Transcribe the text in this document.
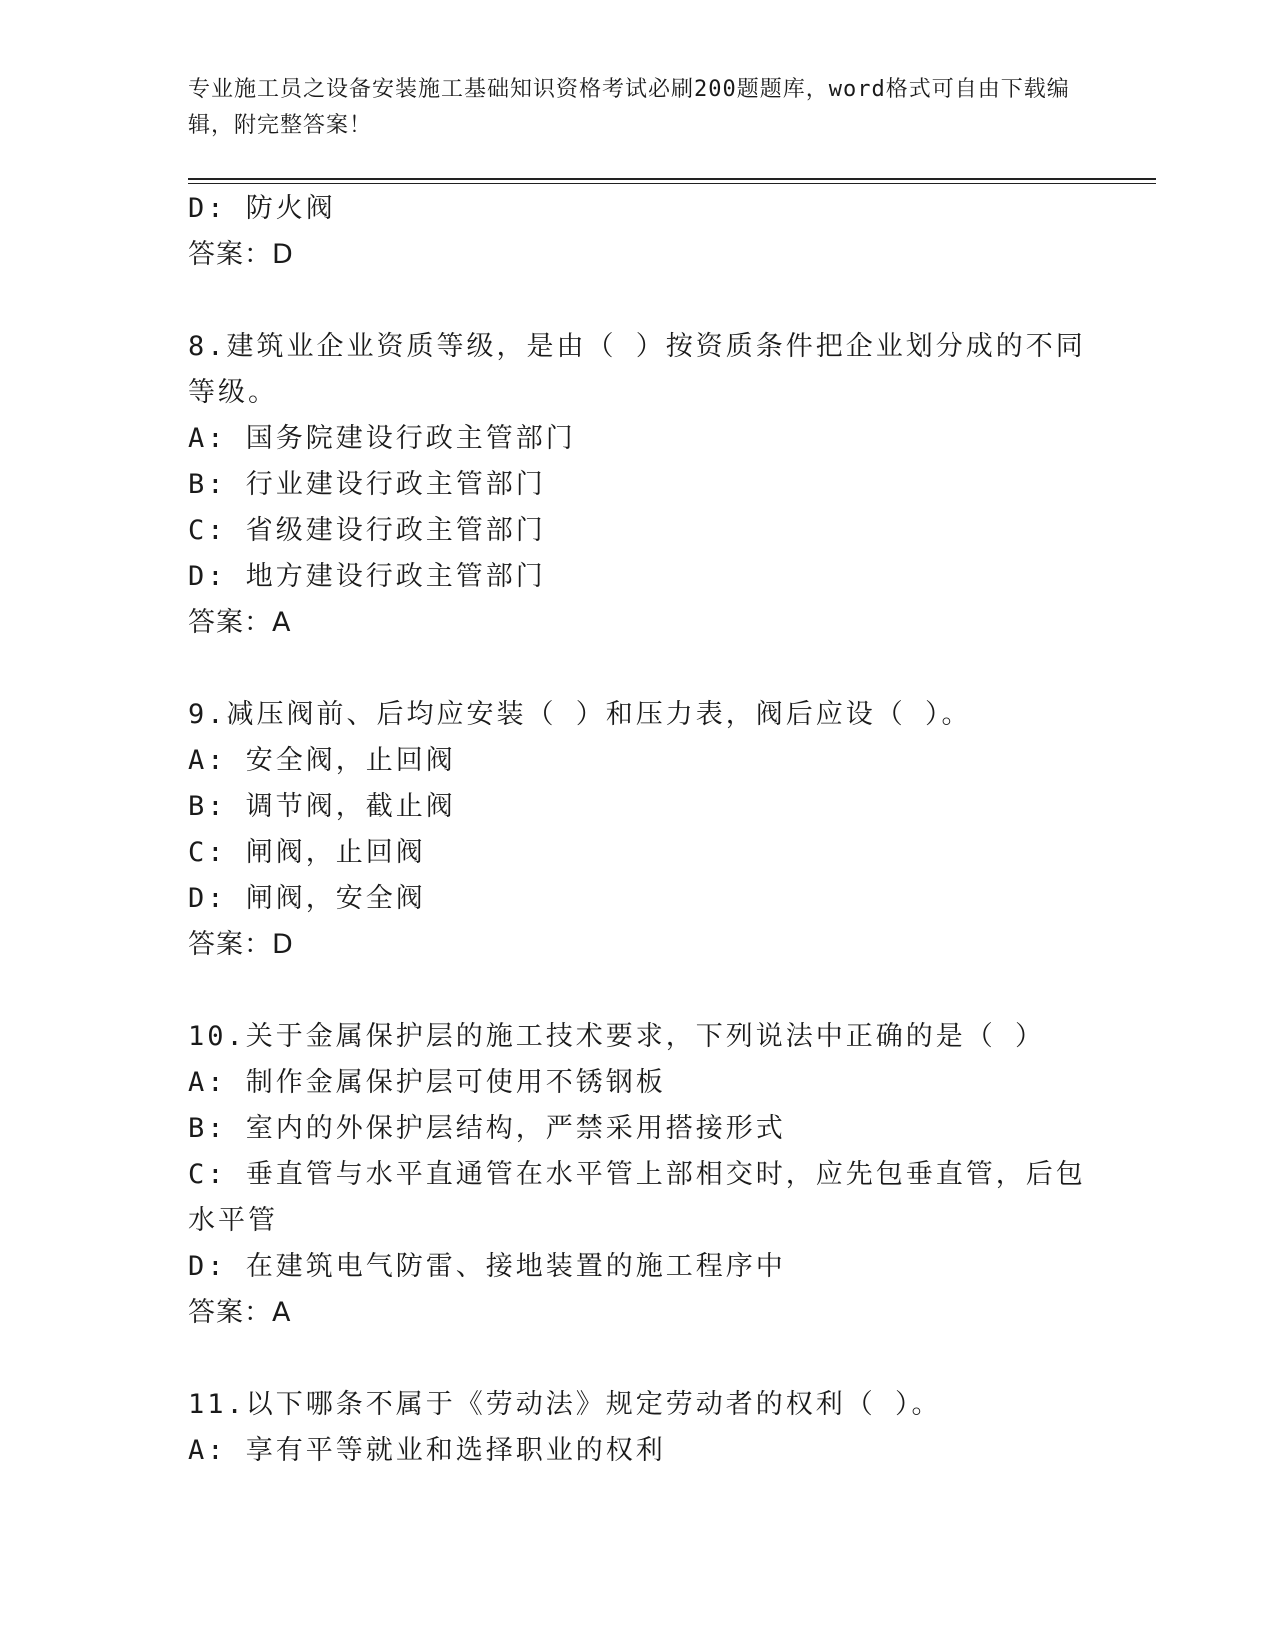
专业施工员之设备安装施工基础知识资格考试必刷200题题库，word格式可自由下载编辑，附完整答案！
D: 防火阀
答案：D
8.建筑业企业资质等级，是由（ ）按资质条件把企业划分成的不同等级。
A: 国务院建设行政主管部门
B: 行业建设行政主管部门
C: 省级建设行政主管部门
D: 地方建设行政主管部门
答案：A
9.减压阀前、后均应安装（ ）和压力表，阀后应设（ ）。
A: 安全阀，止回阀
B: 调节阀，截止阀
C: 闸阀，止回阀
D: 闸阀，安全阀
答案：D
10.关于金属保护层的施工技术要求，下列说法中正确的是（ ）
A: 制作金属保护层可使用不锈钢板
B: 室内的外保护层结构，严禁采用搭接形式
C: 垂直管与水平直通管在水平管上部相交时，应先包垂直管，后包水平管
D: 在建筑电气防雷、接地装置的施工程序中
答案：A
11.以下哪条不属于《劳动法》规定劳动者的权利（ ）。
A: 享有平等就业和选择职业的权利
